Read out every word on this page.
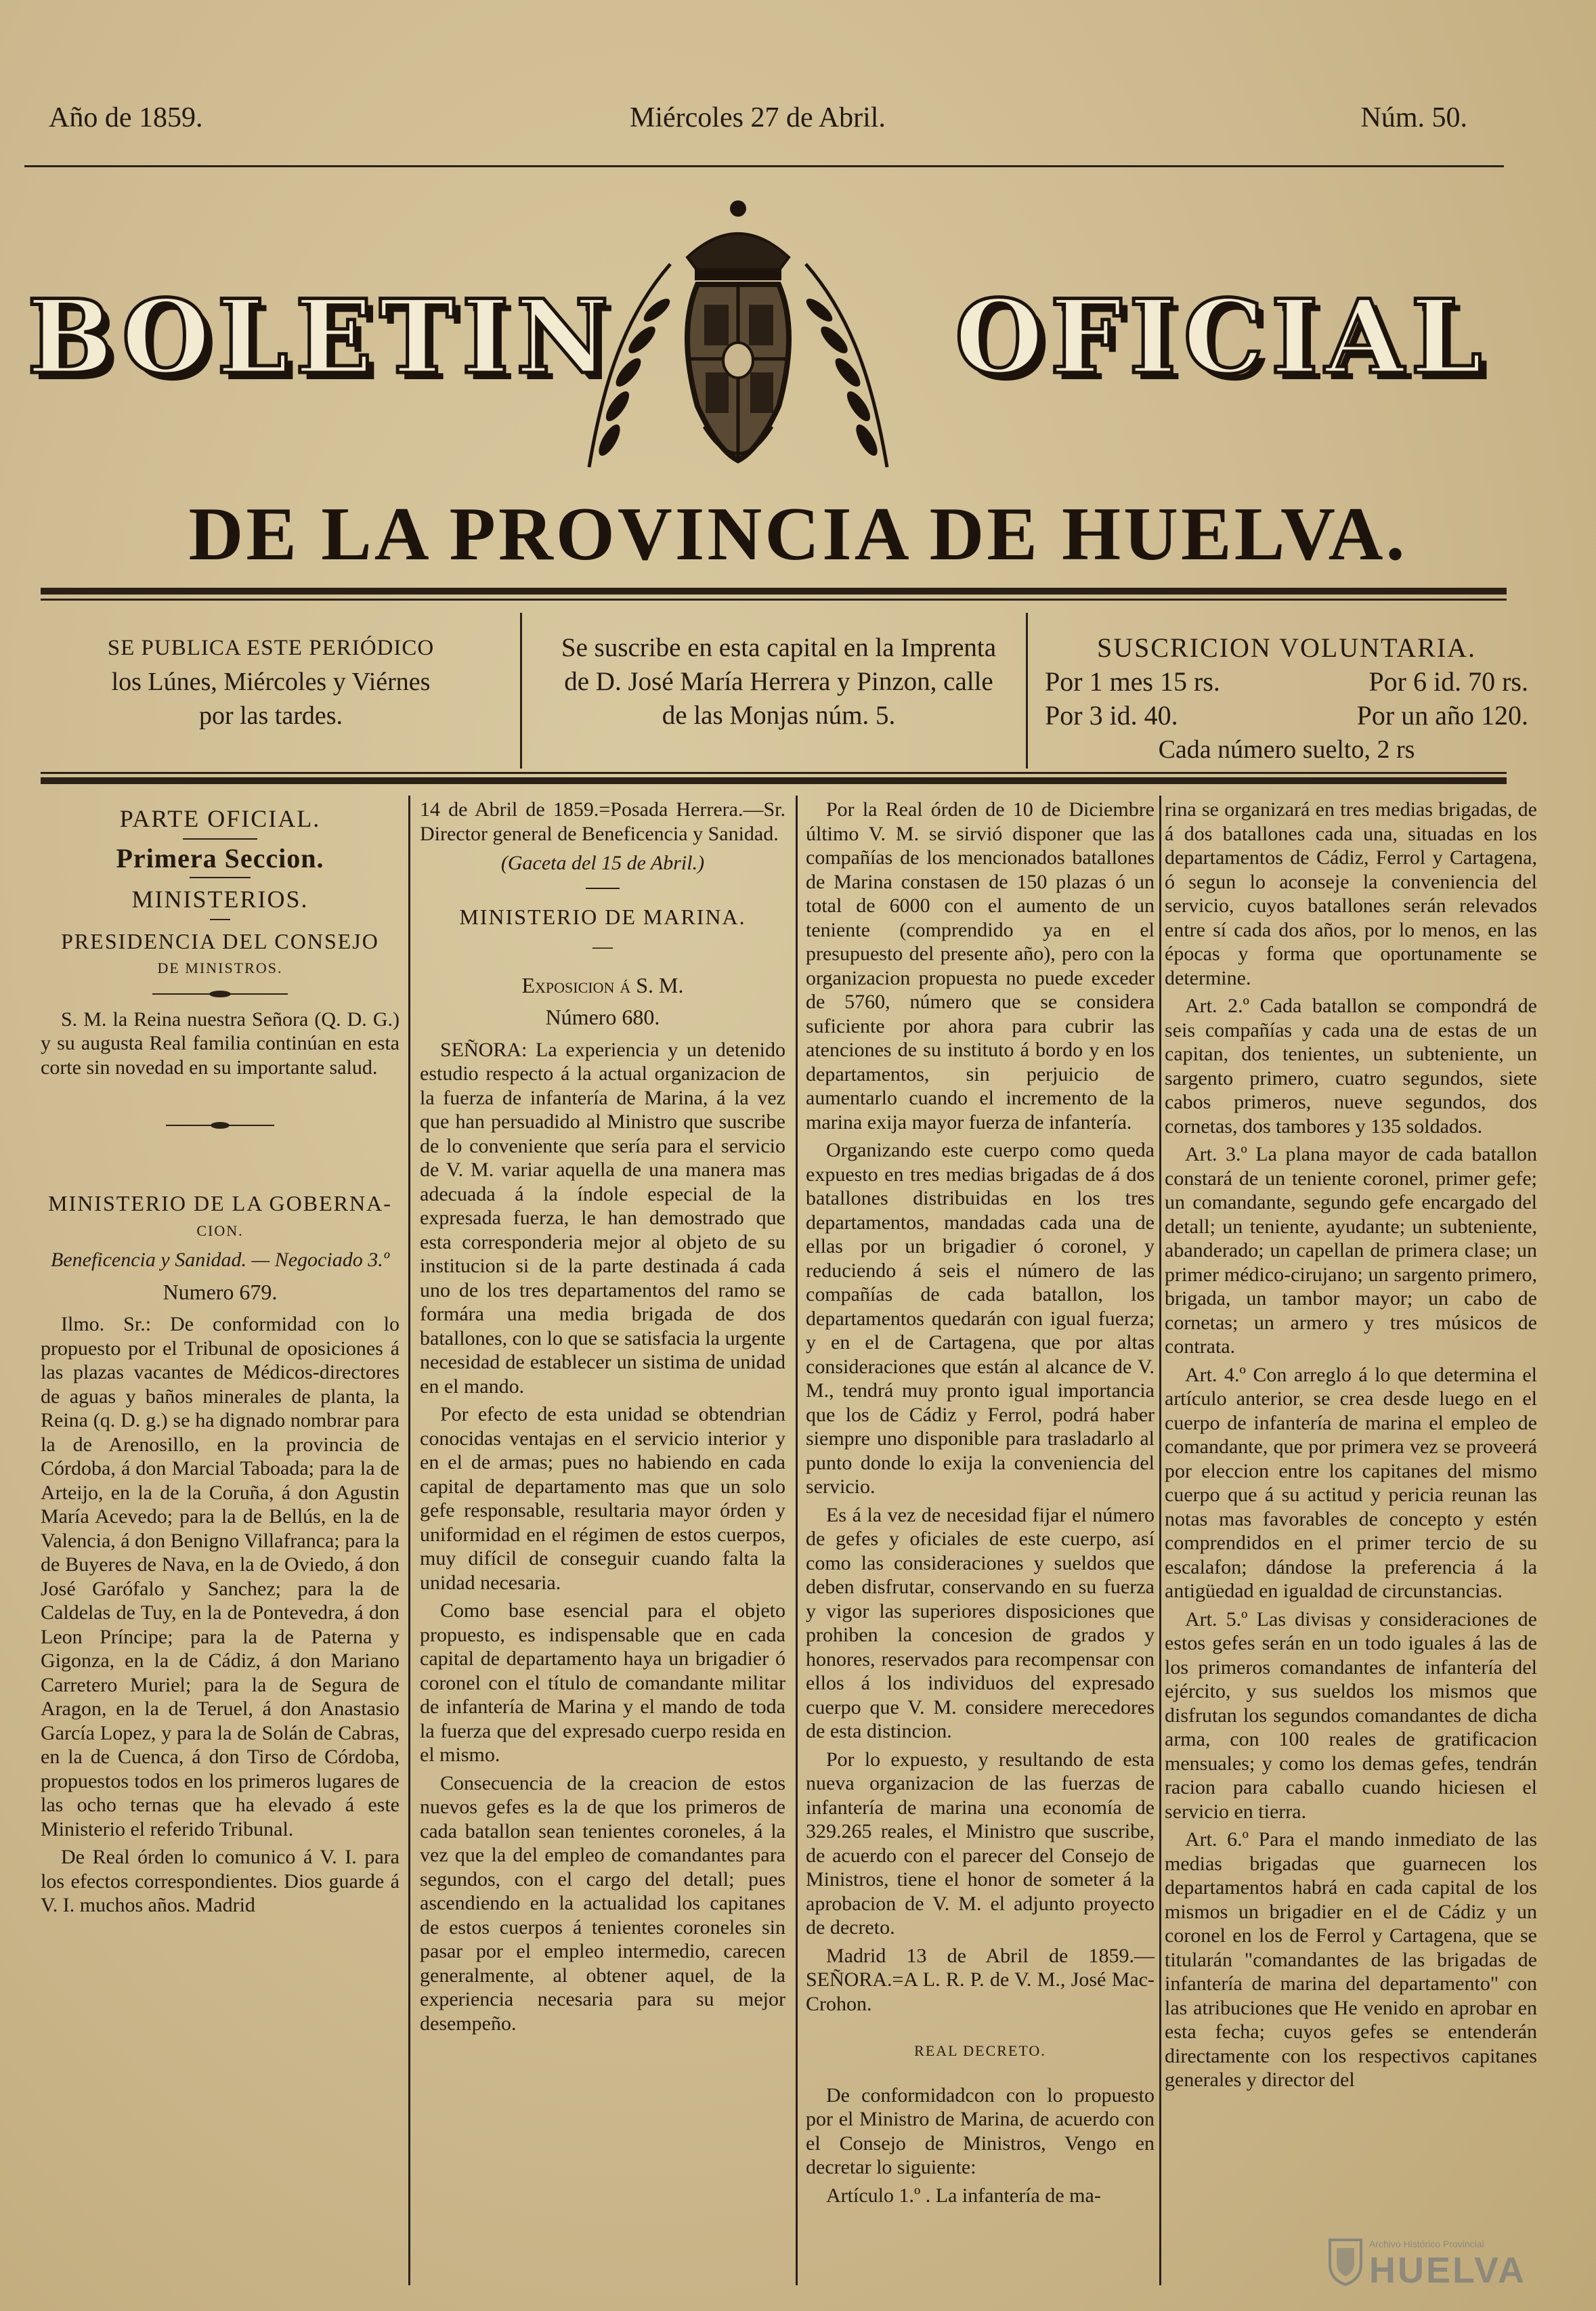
Año de 1859.	Miércoles 27 de Abril.	Núm. 50.
BOLETIN	OFICIAL
DE LA PROVINCIA DE HUELVA.
SE PUBLICA ESTE PERIÓDICO
los Lúnes, Miércoles y Viérnes
por las tardes.
Se suscribe en esta capital en la Imprenta
de D. José María Herrera y Pinzon, calle
de las Monjas núm. 5.
SUSCRICION VOLUNTARIA.
Por 1 mes 15 rs.	Por 6 id. 70 rs.
Por 3 id. 40.	Por un año 120.
Cada número suelto, 2 rs
PARTE OFICIAL.
Primera Seccion.
MINISTERIOS.
PRESIDENCIA DEL CONSEJO
DE MINISTROS.

S. M. la Reina nuestra Señora (Q. D. G.) y su augusta Real familia continúan en esta corte sin novedad en su importante salud.

MINISTERIO DE LA GOBERNA-
CION.
Beneficencia y Sanidad. — Negociado 3.º
Numero 679.

Ilmo. Sr.: De conformidad con lo propuesto por el Tribunal de oposiciones á las plazas vacantes de Médicos-directores de aguas y baños minerales de planta, la Reina (q. D. g.) se ha dignado nombrar para la de Arenosillo, en la provincia de Córdoba, á don Marcial Taboada; para la de Arteijo, en la de la Coruña, á don Agustin María Acevedo; para la de Bellús, en la de Valencia, á don Benigno Villafranca; para la de Buyeres de Nava, en la de Oviedo, á don José Garófalo y Sanchez; para la de Caldelas de Tuy, en la de Pontevedra, á don Leon Príncipe; para la de Paterna y Gigonza, en la de Cádiz, á don Mariano Carretero Muriel; para la de Segura de Aragon, en la de Teruel, á don Anastasio García Lopez, y para la de Solán de Cabras, en la de Cuenca, á don Tirso de Córdoba, propuestos todos en los primeros lugares de las ocho ternas que ha elevado á este Ministerio el referido Tribunal.

De Real órden lo comunico á V. I. para los efectos correspondientes. Dios guarde á V. I. muchos años. Madrid

14 de Abril de 1859.=Posada Herrera.—Sr. Director general de Beneficencia y Sanidad.

(Gaceta del 15 de Abril.)
MINISTERIO DE MARINA.
—
Exposicion á S. M.
Número 680.

SEÑORA: La experiencia y un detenido estudio respecto á la actual organizacion de la fuerza de infantería de Marina, á la vez que han persuadido al Ministro que suscribe de lo conveniente que sería para el servicio de V. M. variar aquella de una manera mas adecuada á la índole especial de la expresada fuerza, le han demostrado que esta corresponderia mejor al objeto de su institucion si de la parte destinada á cada uno de los tres departamentos del ramo se formára una media brigada de dos batallones, con lo que se satisfacia la urgente necesidad de establecer un sistima de unidad en el mando.

Por efecto de esta unidad se obtendrian conocidas ventajas en el servicio interior y en el de armas; pues no habiendo en cada capital de departamento mas que un solo gefe responsable, resultaria mayor órden y uniformidad en el régimen de estos cuerpos, muy difícil de conseguir cuando falta la unidad necesaria.

Como base esencial para el objeto propuesto, es indispensable que en cada capital de departamento haya un brigadier ó coronel con el título de comandante militar de infantería de Marina y el mando de toda la fuerza que del expresado cuerpo resida en el mismo.

Consecuencia de la creacion de estos nuevos gefes es la de que los primeros de cada batallon sean tenientes coroneles, á la vez que la del empleo de comandantes para segundos, con el cargo del detall; pues ascendiendo en la actualidad los capitanes de estos cuerpos á tenientes coroneles sin pasar por el empleo intermedio, carecen generalmente, al obtener aquel, de la experiencia necesaria para su mejor desempeño.

Por la Real órden de 10 de Diciembre último V. M. se sirvió disponer que las compañías de los mencionados batallones de Marina constasen de 150 plazas ó un total de 6000 con el aumento de un teniente (comprendido ya en el presupuesto del presente año), pero con la organizacion propuesta no puede exceder de 5760, número que se considera suficiente por ahora para cubrir las atenciones de su instituto á bordo y en los departamentos, sin perjuicio de aumentarlo cuando el incremento de la marina exija mayor fuerza de infantería.

Organizando este cuerpo como queda expuesto en tres medias brigadas de á dos batallones distribuidas en los tres departamentos, mandadas cada una de ellas por un brigadier ó coronel, y reduciendo á seis el número de las compañías de cada batallon, los departamentos quedarán con igual fuerza; y en el de Cartagena, que por altas consideraciones que están al alcance de V. M., tendrá muy pronto igual importancia que los de Cádiz y Ferrol, podrá haber siempre uno disponible para trasladarlo al punto donde lo exija la conveniencia del servicio.

Es á la vez de necesidad fijar el número de gefes y oficiales de este cuerpo, así como las consideraciones y sueldos que deben disfrutar, conservando en su fuerza y vigor las superiores disposiciones que prohiben la concesion de grados y honores, reservados para recompensar con ellos á los individuos del expresado cuerpo que V. M. considere merecedores de esta distincion.

Por lo expuesto, y resultando de esta nueva organizacion de las fuerzas de infantería de marina una economía de 329.265 reales, el Ministro que suscribe, de acuerdo con el parecer del Consejo de Ministros, tiene el honor de someter á la aprobacion de V. M. el adjunto proyecto de decreto.

Madrid 13 de Abril de 1859.— SEÑORA.=A L. R. P. de V. M., José Mac-Crohon.

REAL DECRETO.

De conformidadcon con lo propuesto por el Ministro de Marina, de acuerdo con el Consejo de Ministros, Vengo en decretar lo siguiente:

Artículo 1.º . La infantería de ma-

rina se organizará en tres medias brigadas, de á dos batallones cada una, situadas en los departamentos de Cádiz, Ferrol y Cartagena, ó segun lo aconseje la conveniencia del servicio, cuyos batallones serán relevados entre sí cada dos años, por lo menos, en las épocas y forma que oportunamente se determine.

Art. 2.º Cada batallon se compondrá de seis compañías y cada una de estas de un capitan, dos tenientes, un subteniente, un sargento primero, cuatro segundos, siete cabos primeros, nueve segundos, dos cornetas, dos tambores y 135 soldados.

Art. 3.º La plana mayor de cada batallon constará de un teniente coronel, primer gefe; un comandante, segundo gefe encargado del detall; un teniente, ayudante; un subteniente, abanderado; un capellan de primera clase; un primer médico-cirujano; un sargento primero, brigada, un tambor mayor; un cabo de cornetas; un armero y tres músicos de contrata.

Art. 4.º Con arreglo á lo que determina el artículo anterior, se crea desde luego en el cuerpo de infantería de marina el empleo de comandante, que por primera vez se proveerá por eleccion entre los capitanes del mismo cuerpo que á su actitud y pericia reunan las notas mas favorables de concepto y estén comprendidos en el primer tercio de su escalafon; dándose la preferencia á la antigüedad en igualdad de circunstancias.

Art. 5.º Las divisas y consideraciones de estos gefes serán en un todo iguales á las de los primeros comandantes de infantería del ejército, y sus sueldos los mismos que disfrutan los segundos comandantes de dicha arma, con 100 reales de gratificacion mensuales; y como los demas gefes, tendrán racion para caballo cuando hiciesen el servicio en tierra.

Art. 6.º Para el mando inmediato de las medias brigadas que guarnecen los departamentos habrá en cada capital de los mismos un brigadier en el de Cádiz y un coronel en los de Ferrol y Cartagena, que se titularán "comandantes de las brigadas de infantería de marina del departamento" con las atribuciones que He venido en aprobar en esta fecha; cuyos gefes se entenderán directamente con los respectivos capitanes generales y director del

Archivo Histórico Provincial
HUELVA
